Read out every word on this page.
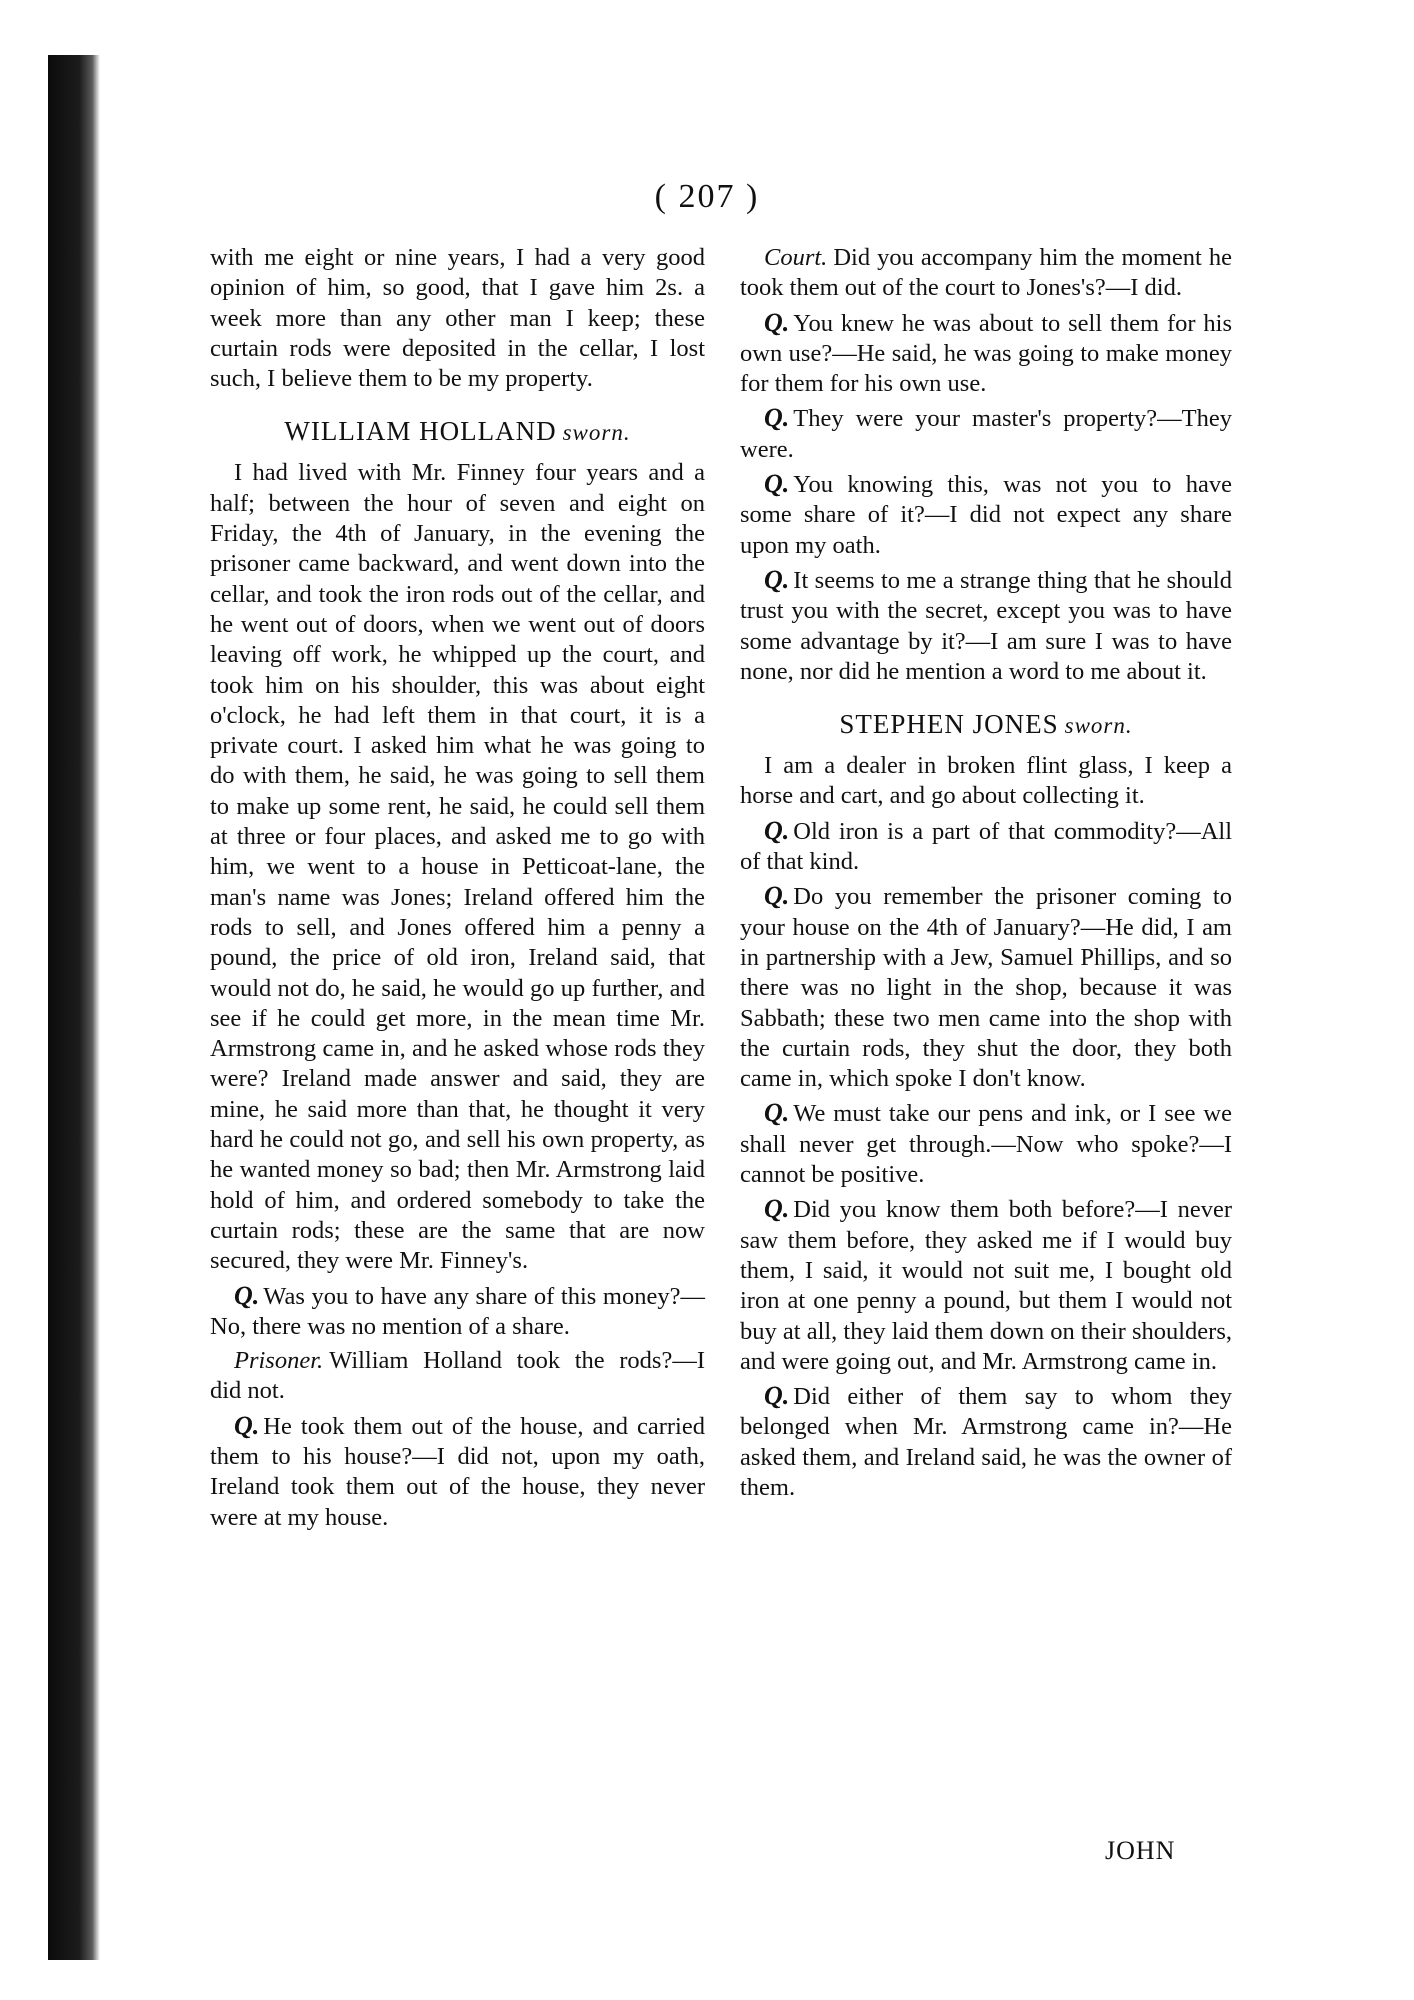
( 207 )

with me eight or nine years, I had a very good opinion of him, so good, that I gave him 2s. a week more than any other man I keep; these curtain rods were deposited in the cellar, I lost such, I believe them to be my property.

WILLIAM HOLLAND sworn.

I had lived with Mr. Finney four years and a half; between the hour of seven and eight on Friday, the 4th of January, in the evening the prisoner came backward, and went down into the cellar, and took the iron rods out of the cellar, and he went out of doors, when we went out of doors leaving off work, he whipped up the court, and took him on his shoulder, this was about eight o'clock, he had left them in that court, it is a private court. I asked him what he was going to do with them, he said, he was going to sell them to make up some rent, he said, he could sell them at three or four places, and asked me to go with him, we went to a house in Petticoat-lane, the man's name was Jones; Ireland offered him the rods to sell, and Jones offered him a penny a pound, the price of old iron, Ireland said, that would not do, he said, he would go up further, and see if he could get more, in the mean time Mr. Armstrong came in, and he asked whose rods they were? Ireland made answer and said, they are mine, he said more than that, he thought it very hard he could not go, and sell his own property, as he wanted money so bad; then Mr. Armstrong laid hold of him, and ordered somebody to take the curtain rods; these are the same that are now secured, they were Mr. Finney's.

Q. Was you to have any share of this money?—No, there was no mention of a share.

Prisoner. William Holland took the rods?—I did not.

Q. He took them out of the house, and carried them to his house?—I did not, upon my oath, Ireland took them out of the house, they never were at my house.

Court. Did you accompany him the moment he took them out of the court to Jones's?—I did.

Q. You knew he was about to sell them for his own use?—He said, he was going to make money for them for his own use.

Q. They were your master's property?—They were.

Q. You knowing this, was not you to have some share of it?—I did not expect any share upon my oath.

Q. It seems to me a strange thing that he should trust you with the secret, except you was to have some advantage by it?—I am sure I was to have none, nor did he mention a word to me about it.

STEPHEN JONES sworn.

I am a dealer in broken flint glass, I keep a horse and cart, and go about collecting it.

Q. Old iron is a part of that commodity?—All of that kind.

Q. Do you remember the prisoner coming to your house on the 4th of January?—He did, I am in partnership with a Jew, Samuel Phillips, and so there was no light in the shop, because it was Sabbath; these two men came into the shop with the curtain rods, they shut the door, they both came in, which spoke I don't know.

Q. We must take our pens and ink, or I see we shall never get through.—Now who spoke?—I cannot be positive.

Q. Did you know them both before?—I never saw them before, they asked me if I would buy them, I said, it would not suit me, I bought old iron at one penny a pound, but them I would not buy at all, they laid them down on their shoulders, and were going out, and Mr. Armstrong came in.

Q. Did either of them say to whom they belonged when Mr. Armstrong came in?—He asked them, and Ireland said, he was the owner of them.

JOHN
